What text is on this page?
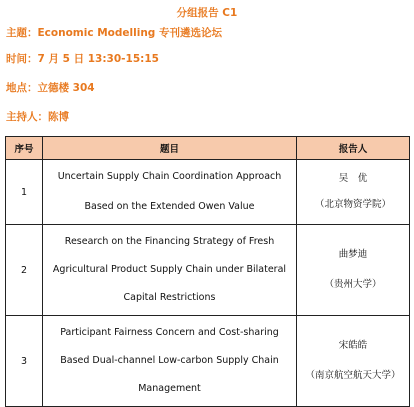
分组报告 C1
主题：Economic Modelling 专刊遴选论坛
时间：7 月 5 日 13:30-15:15
地点：立德楼 304
主持人：陈博
序号	题目	报告人
1	Uncertain Supply Chain Coordination Approach
Based on the Extended Owen Value	吴　优
（北京物资学院）

2	Research on the Financing Strategy of Fresh
Agricultural Product Supply Chain under Bilateral
Capital Restrictions	曲梦迪
（贵州大学）

3	Participant Fairness Concern and Cost-sharing
Based Dual-channel Low-carbon Supply Chain
Management	宋皓皓
（南京航空航天大学）
